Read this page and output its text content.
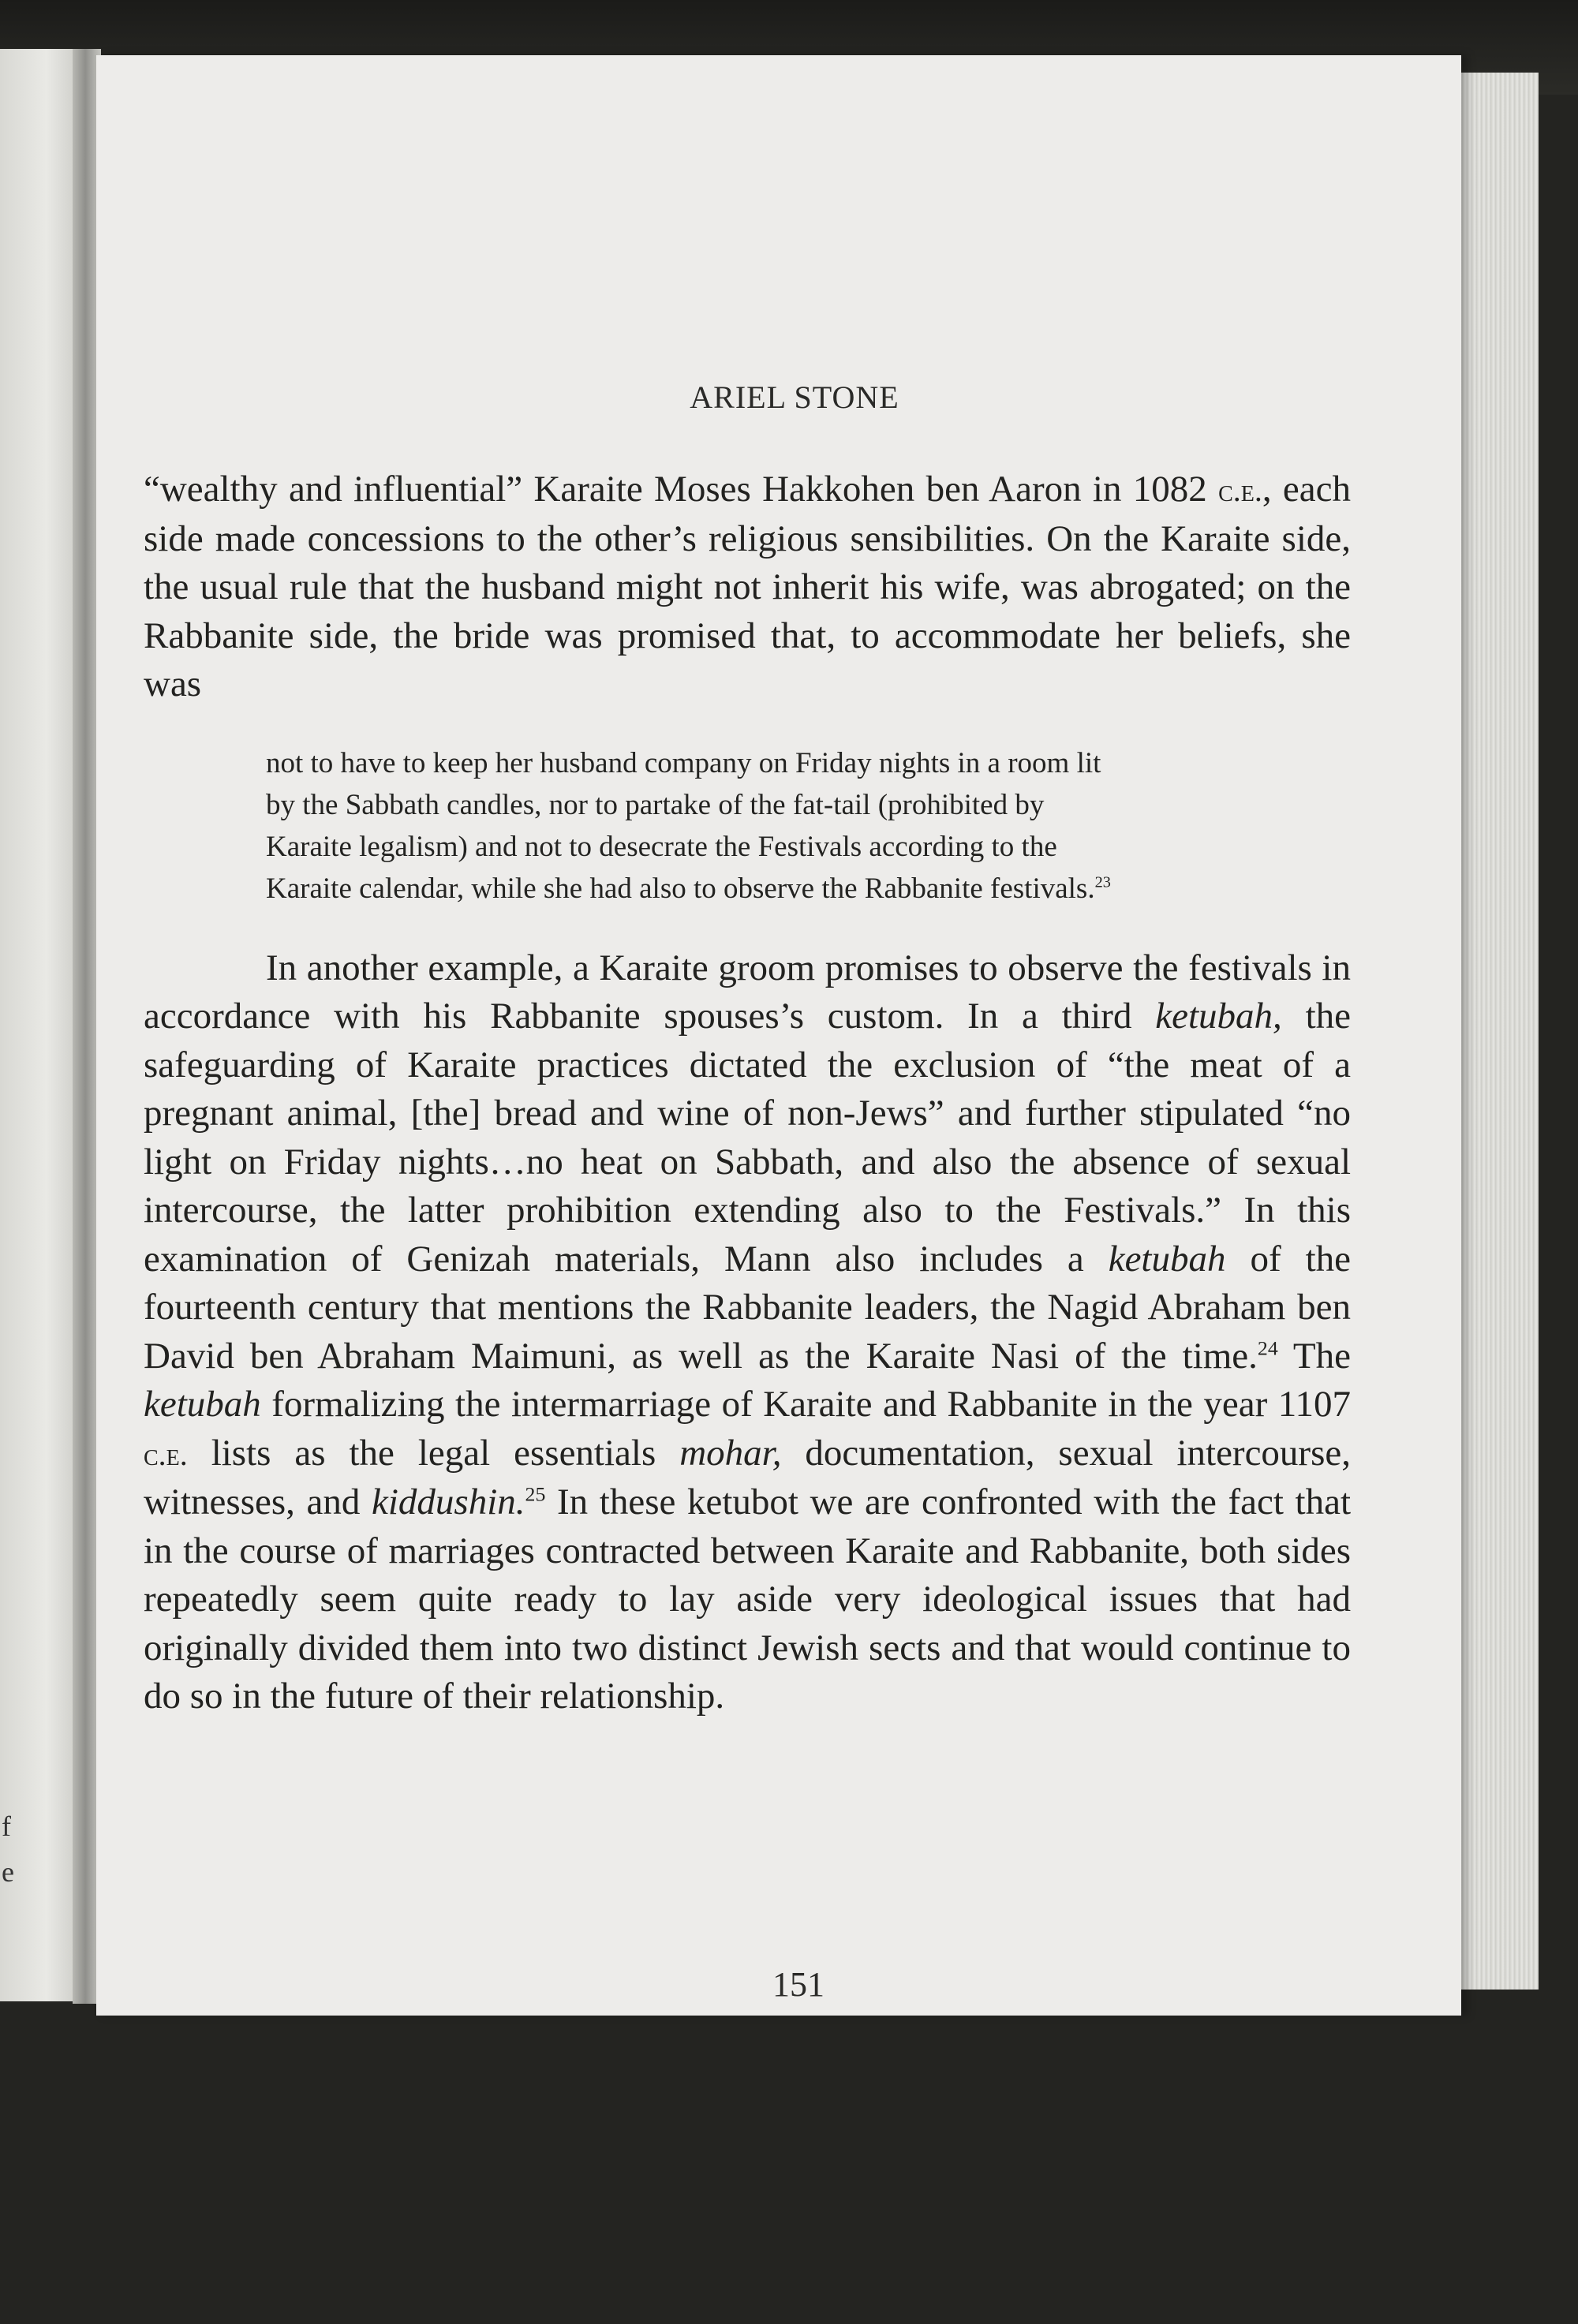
f
e
ARIEL STONE

“wealthy and influential” Karaite Moses Hakkohen ben Aaron in 1082 c.e., each side made concessions to the other’s religious sensibilities. On the Karaite side, the usual rule that the husband might not inherit his wife, was abrogated; on the Rabbanite side, the bride was promised that, to accommodate her beliefs, she was

not to have to keep her husband company on Friday nights in a room lit by the Sabbath candles, nor to partake of the fat-tail (prohibited by Karaite legalism) and not to desecrate the Festivals according to the Karaite calendar, while she had also to observe the Rabbanite festivals.$^{23}$

In another example, a Karaite groom promises to observe the festivals in accordance with his Rabbanite spouses’s custom. In a third ketubah, the safeguarding of Karaite practices dictated the exclusion of “the meat of a pregnant animal, [the] bread and wine of non-Jews” and further stipulated “no light on Friday nights…no heat on Sabbath, and also the absence of sexual intercourse, the latter prohibition extending also to the Festivals.” In this examination of Genizah materials, Mann also includes a ketubah of the fourteenth century that mentions the Rabbanite leaders, the Nagid Abraham ben David ben Abraham Maimuni, as well as the Karaite Nasi of the time.$^{24}$ The ketubah formalizing the intermarriage of Karaite and Rabbanite in the year 1107 c.e. lists as the legal essentials mohar, documentation, sexual intercourse, witnesses, and kiddushin.$^{25}$ In these ketubot we are confronted with the fact that in the course of marriages contracted between Karaite and Rabbanite, both sides repeatedly seem quite ready to lay aside very ideological issues that had originally divided them into two distinct Jewish sects and that would continue to do so in the future of their relationship.

151
